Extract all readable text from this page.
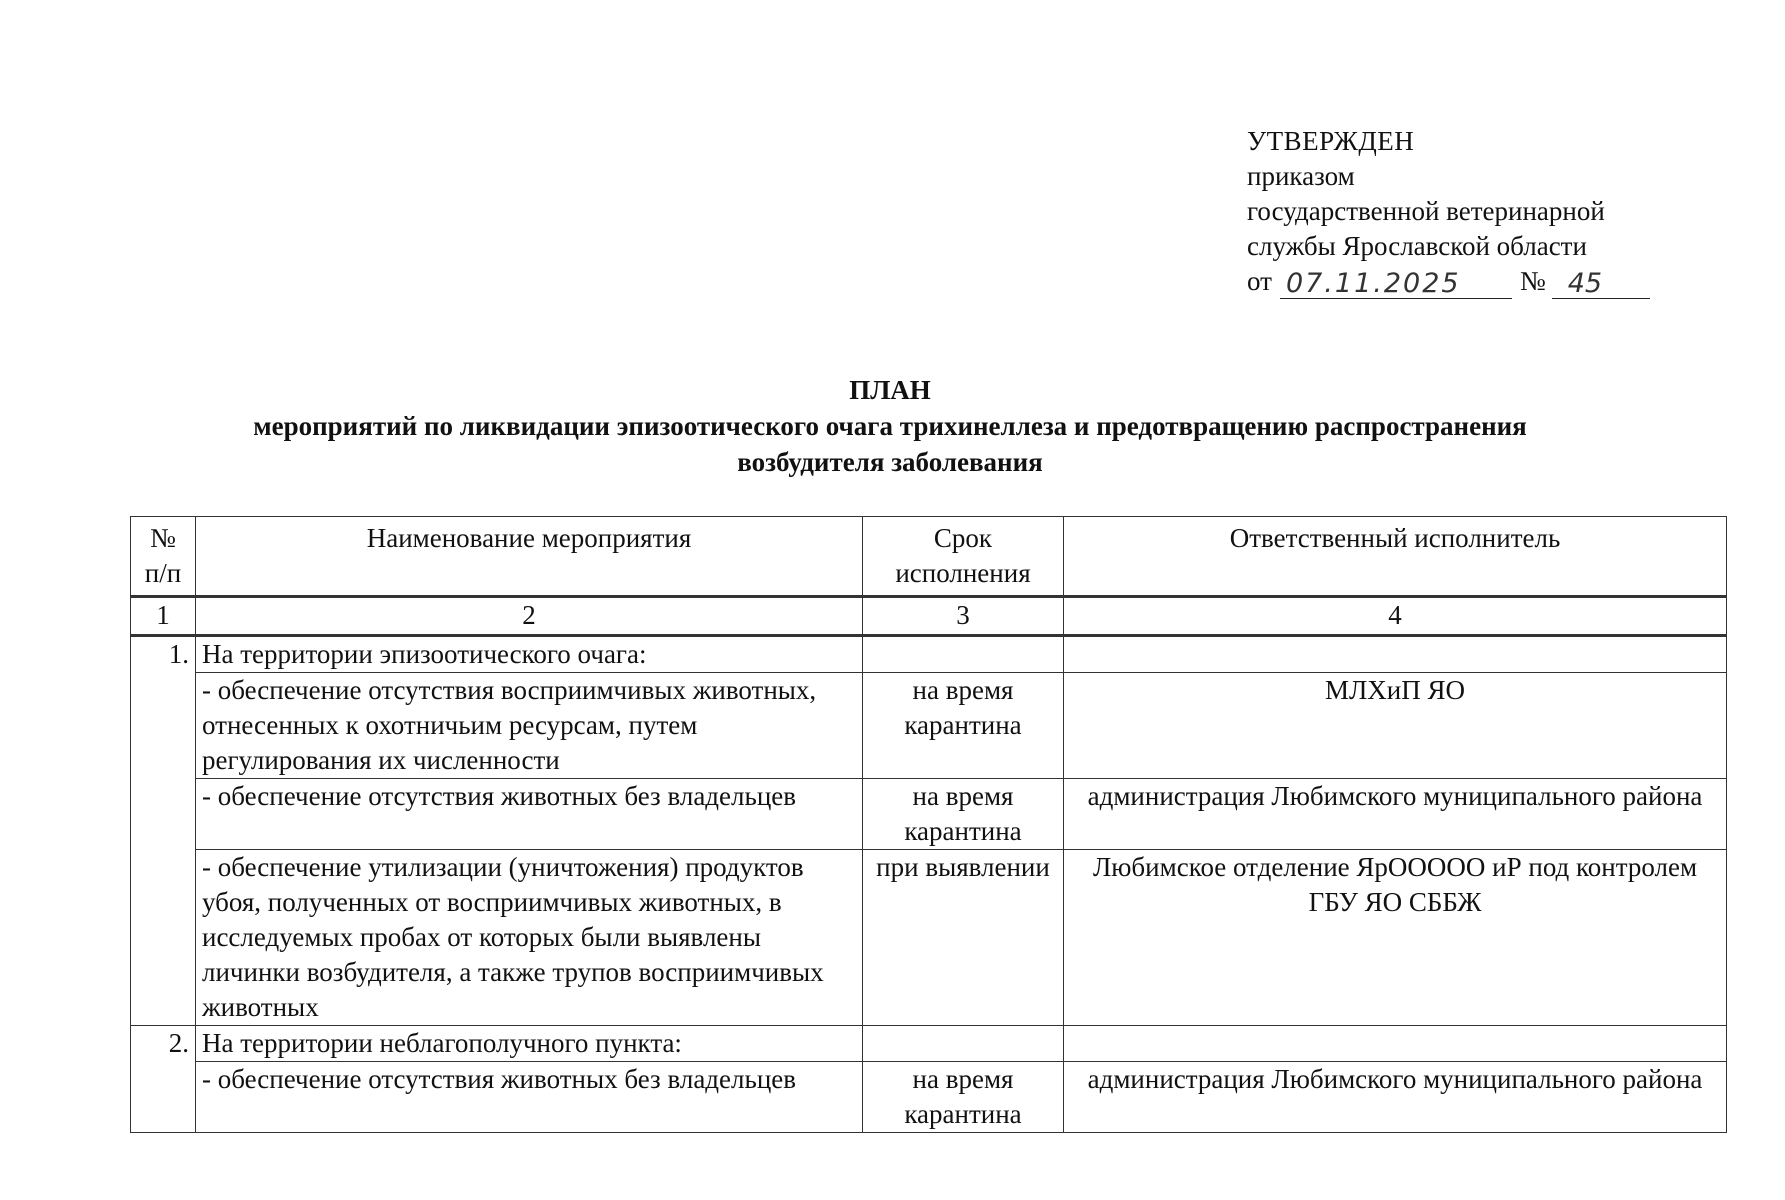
УТВЕРЖДЕН
приказом
государственной ветеринарной
службы Ярославской области
от 07.11.2025 № 45
ПЛАН
мероприятий по ликвидации эпизоотического очага трихинеллеза и предотвращению распространения
возбудителя заболевания
№ п/п	Наименование мероприятия	Срок исполнения	Ответственный исполнитель
1	2	3	4
1.	На территории эпизоотического очага:		
	- обеспечение отсутствия восприимчивых животных, отнесенных к охотничьим ресурсам, путем регулирования их численности	на время карантина	МЛХиП ЯО
	- обеспечение отсутствия животных без владельцев	на время карантина	администрация Любимского муниципального района
	- обеспечение утилизации (уничтожения) продуктов убоя, полученных от восприимчивых животных, в исследуемых пробах от которых были выявлены личинки возбудителя, а также трупов восприимчивых животных	при выявлении	Любимское отделение ЯрООООО иР под контролем ГБУ ЯО СББЖ
2.	На территории неблагополучного пункта:		
	- обеспечение отсутствия животных без владельцев	на время карантина	администрация Любимского муниципального района
